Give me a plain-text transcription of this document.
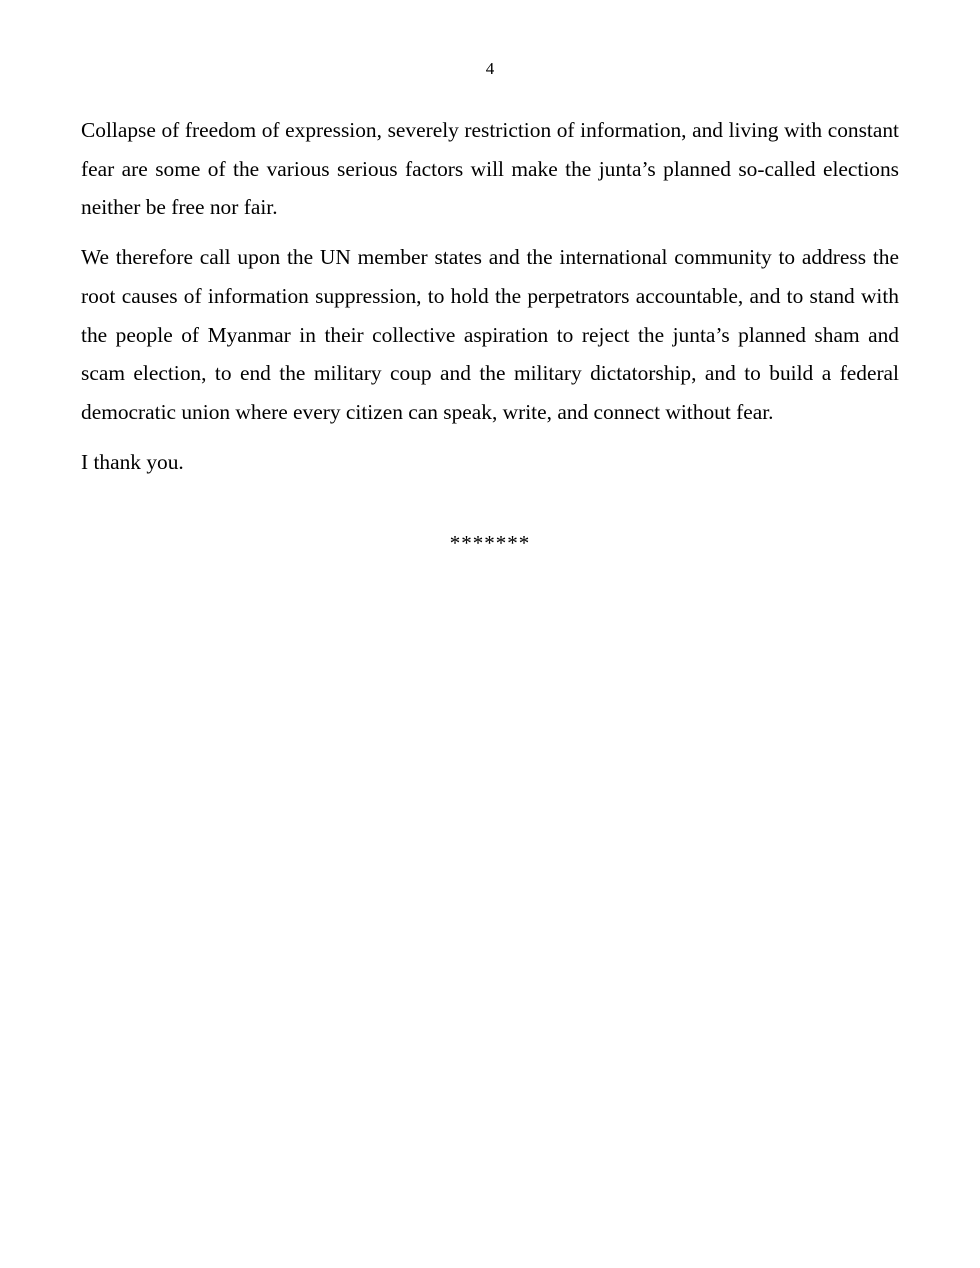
4

Collapse of freedom of expression, severely restriction of information, and living with constant fear are some of the various serious factors will make the junta’s planned so-called elections neither be free nor fair.

We therefore call upon the UN member states and the international community to address the root causes of information suppression, to hold the perpetrators accountable, and to stand with the people of Myanmar in their collective aspiration to reject the junta’s planned sham and scam election, to end the military coup and the military dictatorship, and to build a federal democratic union where every citizen can speak, write, and connect without fear.

I thank you.

*******
